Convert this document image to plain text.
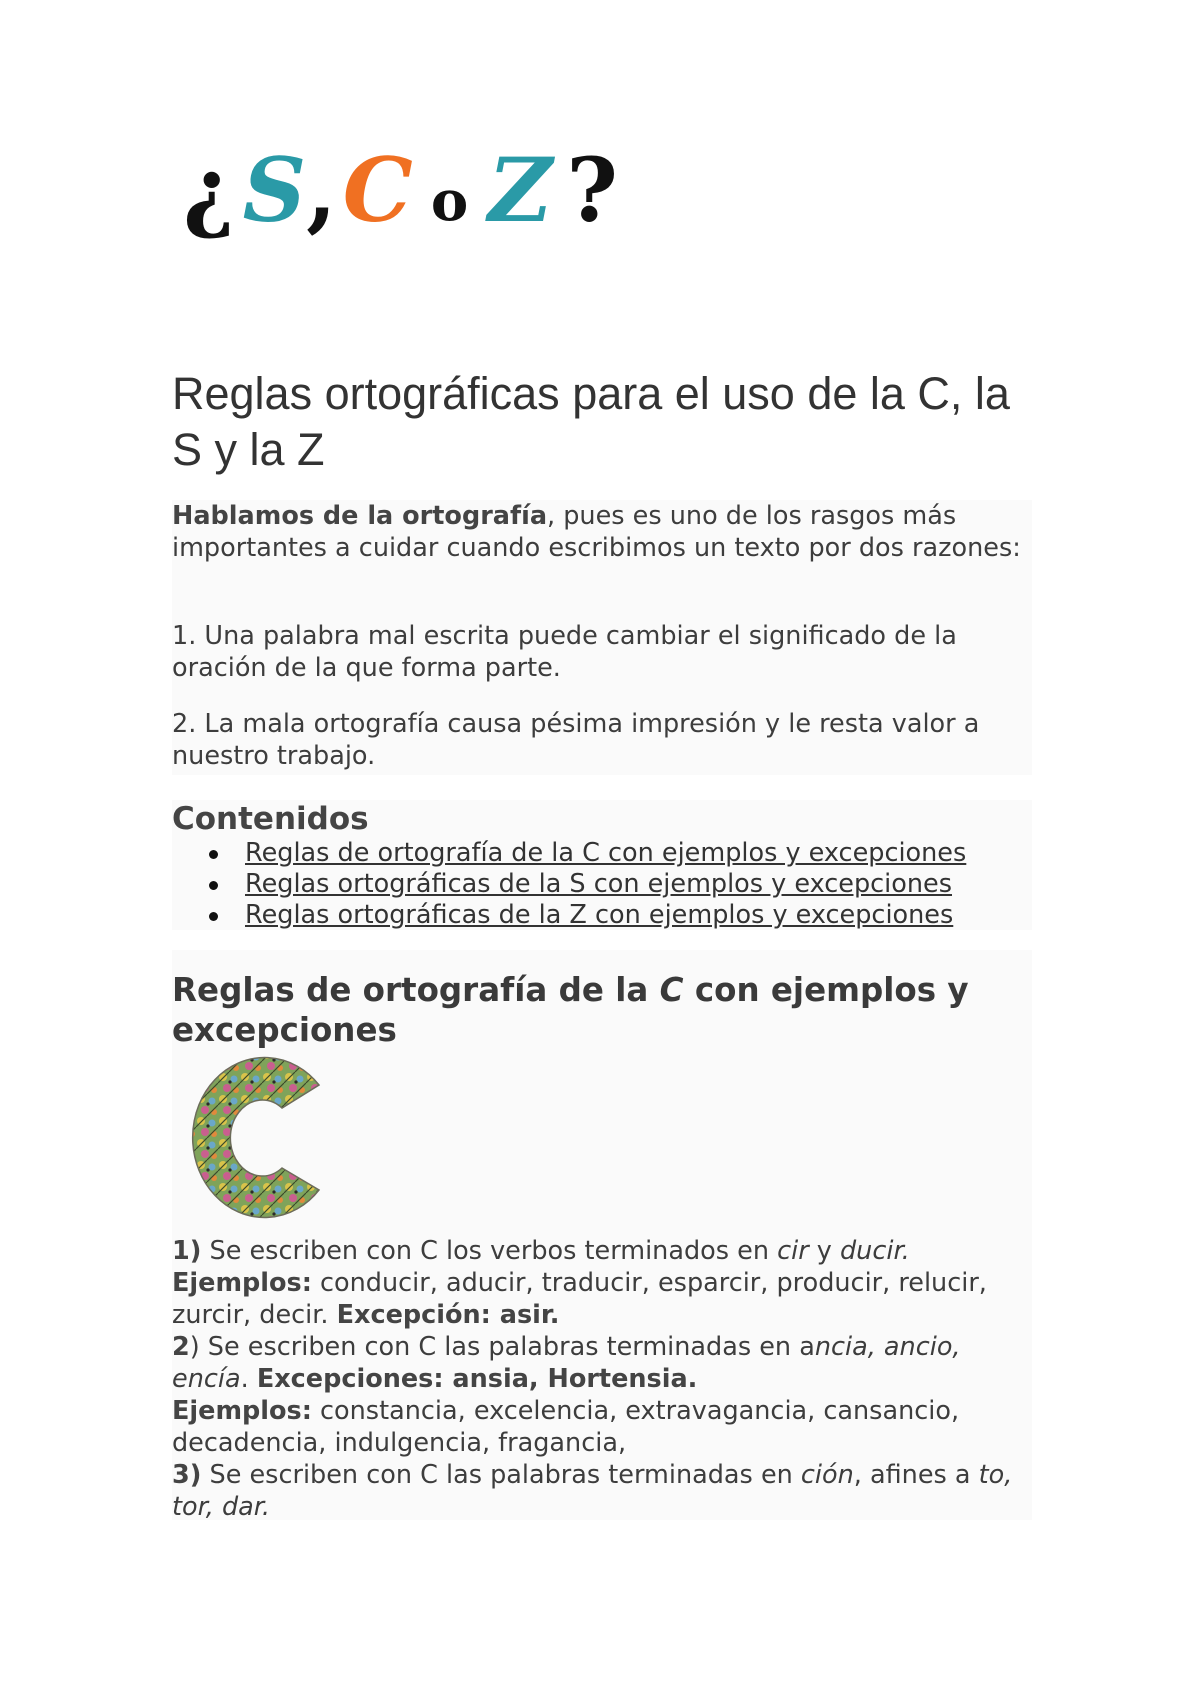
¿ S , C o Z ?
Reglas ortográficas para el uso de la C, la S y la Z

Hablamos de la ortografía, pues es uno de los rasgos más importantes a cuidar cuando escribimos un texto por dos razones:

1. Una palabra mal escrita puede cambiar el significado de la oración de la que forma parte.

2. La mala ortografía causa pésima impresión y le resta valor a nuestro trabajo.

Contenidos
Reglas de ortografía de la C con ejemplos y excepciones
Reglas ortográficas de la S con ejemplos y excepciones
Reglas ortográficas de la Z con ejemplos y excepciones
Reglas de ortografía de la C con ejemplos y excepciones

1) Se escriben con C los verbos terminados en cir y ducir.
Ejemplos: conducir, aducir, traducir, esparcir, producir, relucir, zurcir, decir. Excepción: asir.
2) Se escriben con C las palabras terminadas en ancia, ancio, encía. Excepciones: ansia, Hortensia.
Ejemplos: constancia, excelencia, extravagancia, cansancio, decadencia, indulgencia, fragancia,
3) Se escriben con C las palabras terminadas en ción, afines a to, tor, dar.
